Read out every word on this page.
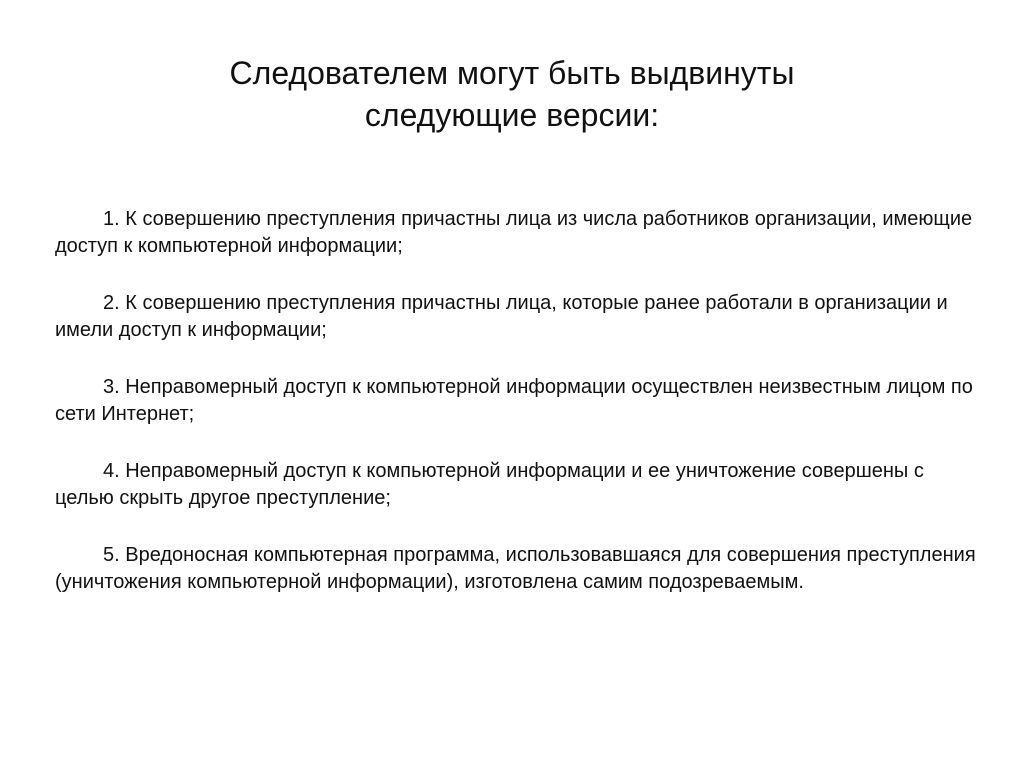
Следователем могут быть выдвинуты
следующие версии:
1. К совершению преступления причастны лица из числа работников организации, имеющие доступ к компьютерной информации;
2. К совершению преступления причастны лица, которые ранее работали в организации и имели доступ к информации;
3. Неправомерный доступ к компьютерной информации осуществлен неизвестным лицом по сети Интернет;
4. Неправомерный доступ к компьютерной информации и ее уничтожение совершены с целью скрыть другое преступление;
5. Вредоносная компьютерная программа, использовавшаяся для совершения преступления (уничтожения компьютерной информации), изготовлена самим подозреваемым.
